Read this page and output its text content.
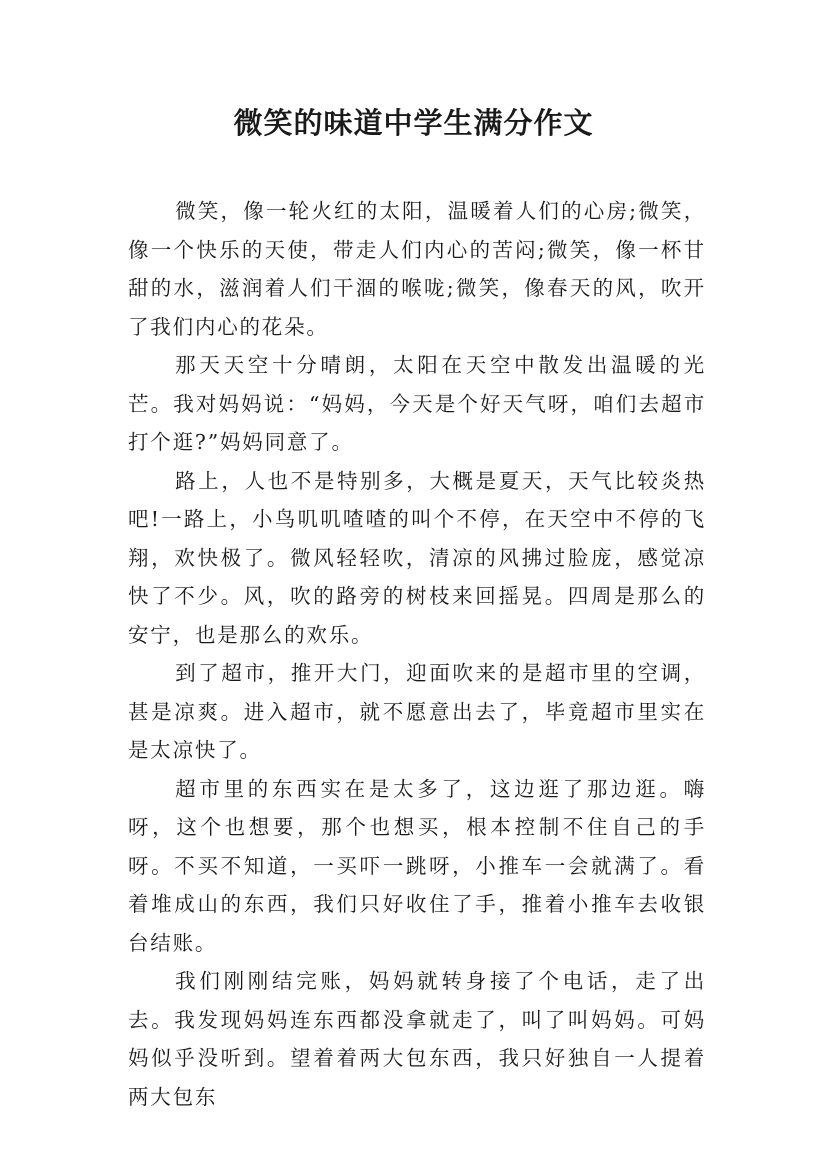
微笑的味道中学生满分作文

微笑，像一轮火红的太阳，温暖着人们的心房;微笑，像一个快乐的天使，带走人们内心的苦闷;微笑，像一杯甘甜的水，滋润着人们干涸的喉咙;微笑，像春天的风，吹开了我们内心的花朵。

那天天空十分晴朗，太阳在天空中散发出温暖的光芒。我对妈妈说：“妈妈，今天是个好天气呀，咱们去超市打个逛?”妈妈同意了。

路上，人也不是特别多，大概是夏天，天气比较炎热吧!一路上，小鸟叽叽喳喳的叫个不停，在天空中不停的飞翔，欢快极了。微风轻轻吹，清凉的风拂过脸庞，感觉凉快了不少。风，吹的路旁的树枝来回摇晃。四周是那么的安宁，也是那么的欢乐。

到了超市，推开大门，迎面吹来的是超市里的空调，甚是凉爽。进入超市，就不愿意出去了，毕竟超市里实在是太凉快了。

超市里的东西实在是太多了，这边逛了那边逛。嗨呀，这个也想要，那个也想买，根本控制不住自己的手呀。不买不知道，一买吓一跳呀，小推车一会就满了。看着堆成山的东西，我们只好收住了手，推着小推车去收银台结账。

我们刚刚结完账，妈妈就转身接了个电话，走了出去。我发现妈妈连东西都没拿就走了，叫了叫妈妈。可妈妈似乎没听到。望着着两大包东西，我只好独自一人提着两大包东
